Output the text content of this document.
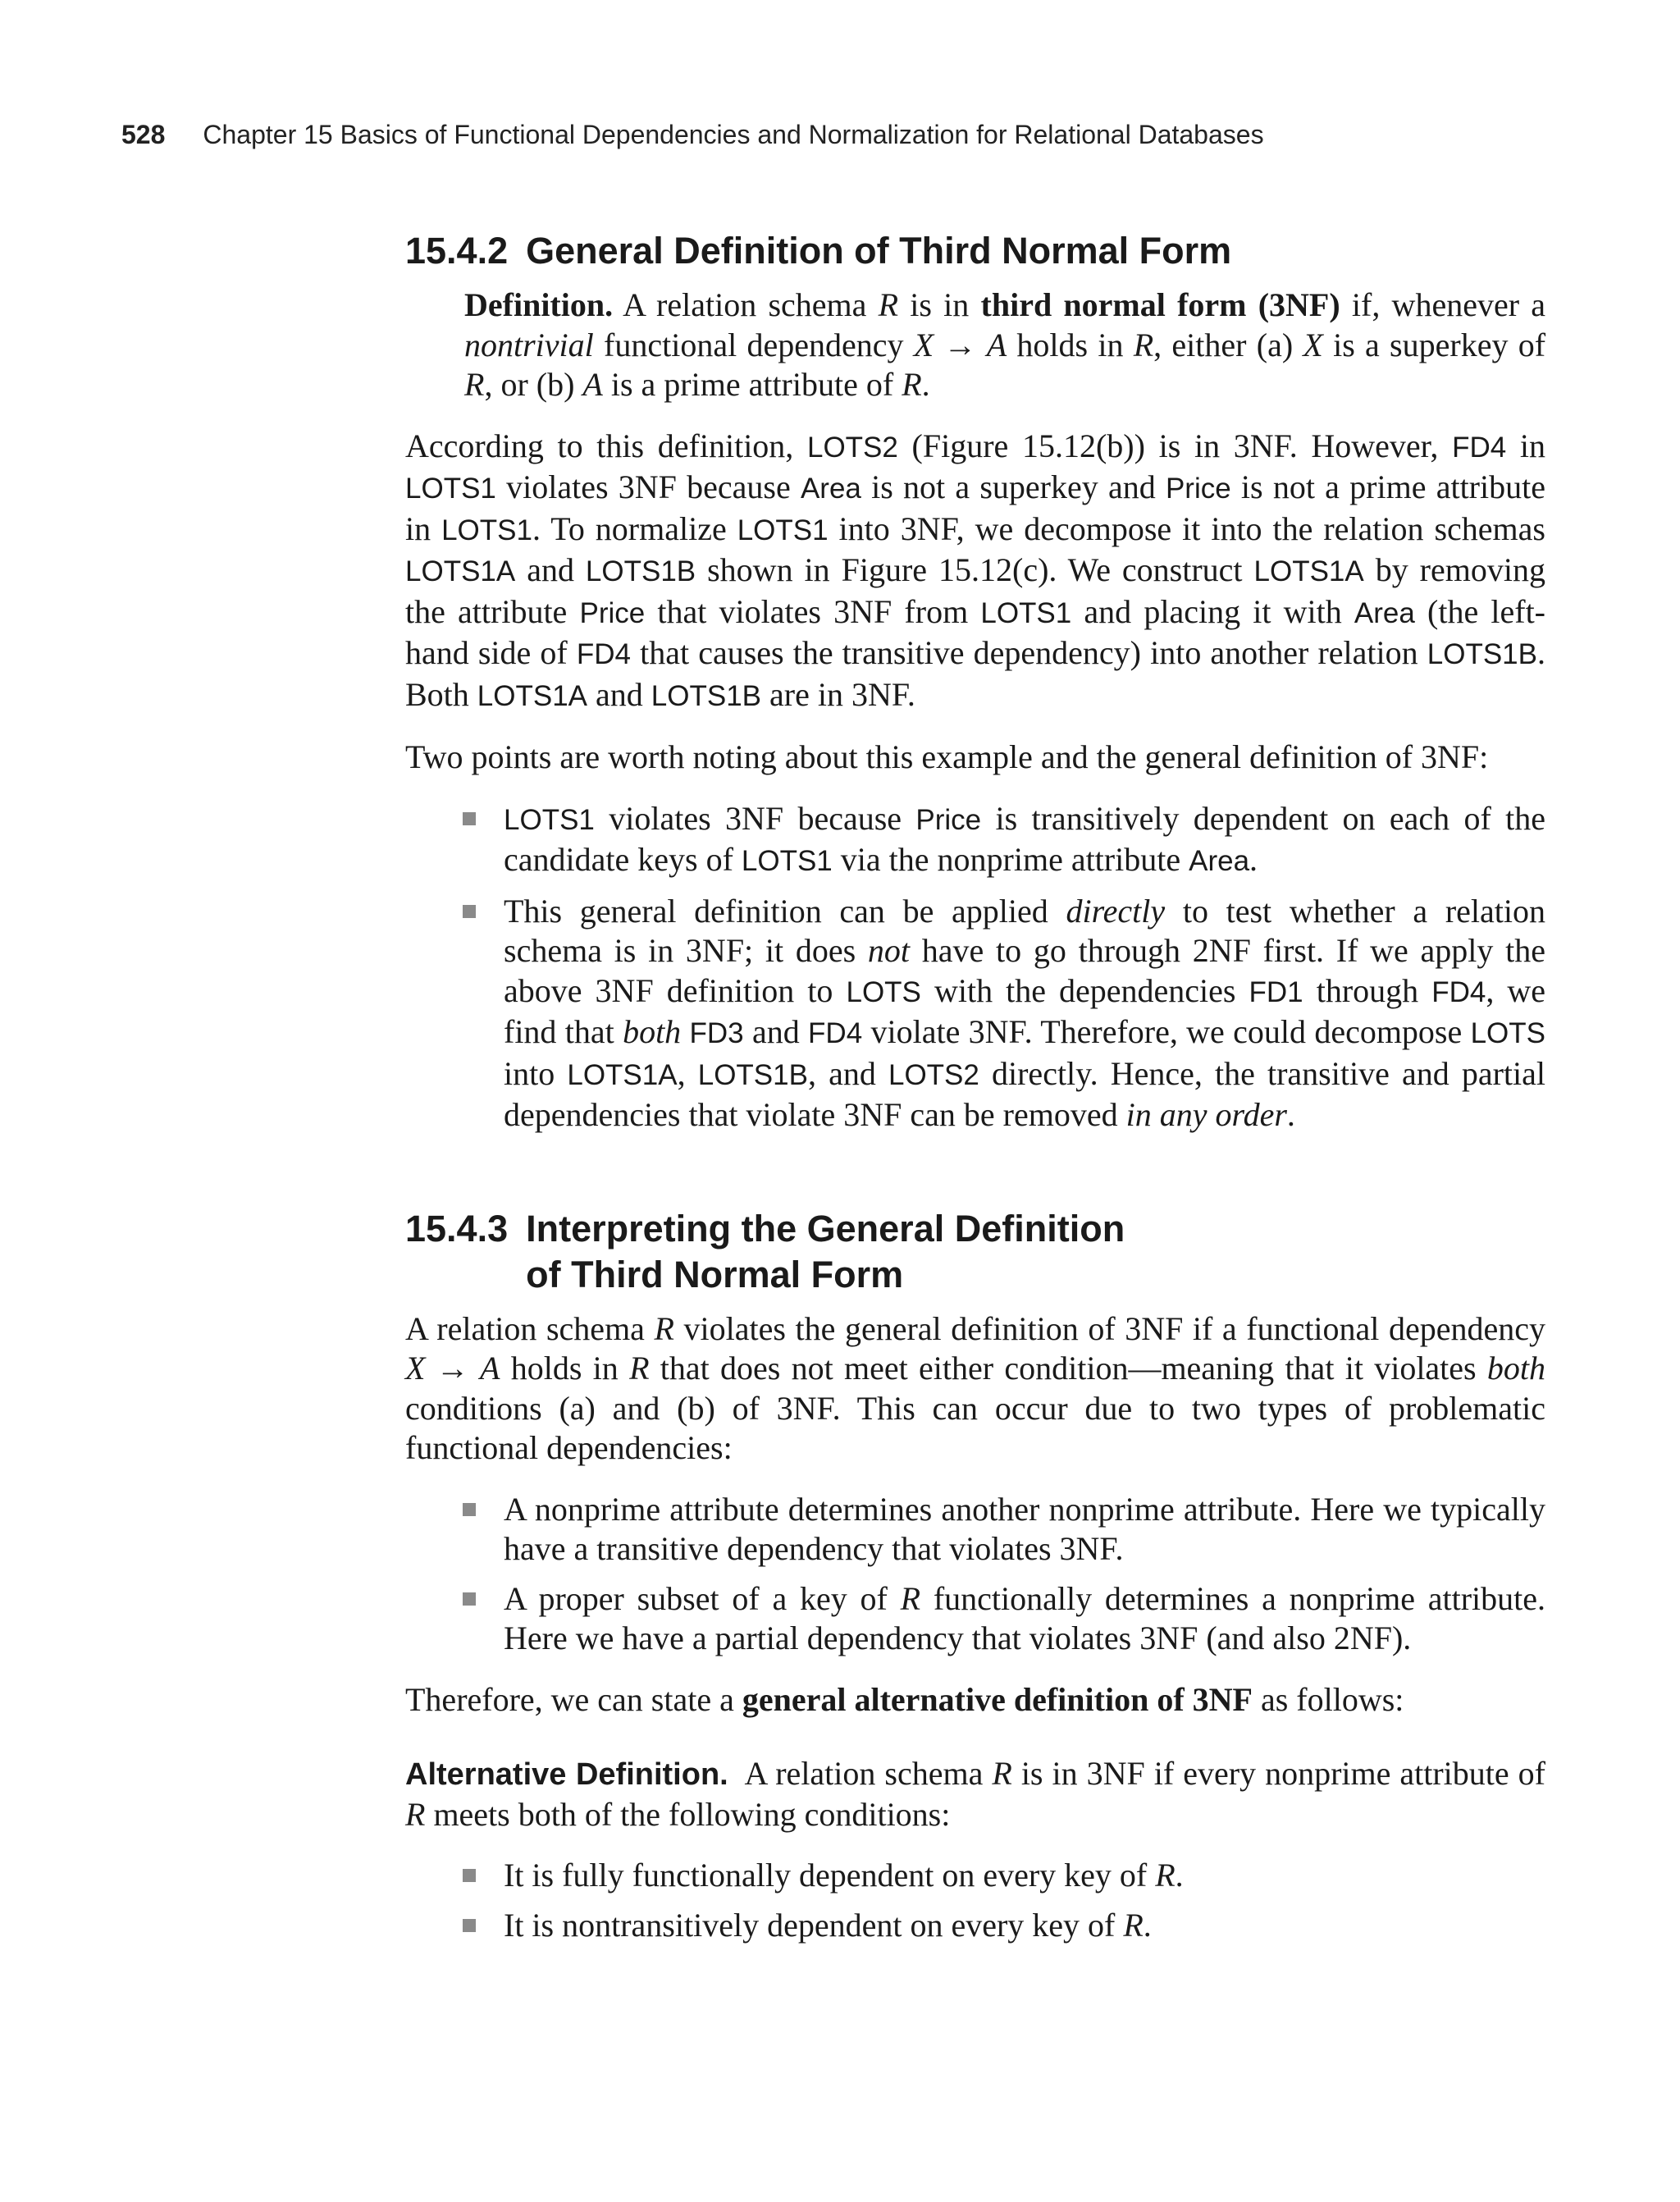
528 Chapter 15 Basics of Functional Dependencies and Normalization for Relational Databases
15.4.2 General Definition of Third Normal Form

Definition. A relation schema R is in third normal form (3NF) if, whenever a nontrivial functional dependency X → A holds in R, either (a) X is a superkey of R, or (b) A is a prime attribute of R.

According to this definition, LOTS2 (Figure 15.12(b)) is in 3NF. However, FD4 in LOTS1 violates 3NF because Area is not a superkey and Price is not a prime attribute in LOTS1. To normalize LOTS1 into 3NF, we decompose it into the relation schemas LOTS1A and LOTS1B shown in Figure 15.12(c). We construct LOTS1A by removing the attribute Price that violates 3NF from LOTS1 and placing it with Area (the left-hand side of FD4 that causes the transitive dependency) into another relation LOTS1B. Both LOTS1A and LOTS1B are in 3NF.

Two points are worth noting about this example and the general definition of 3NF:

LOTS1 violates 3NF because Price is transitively dependent on each of the candidate keys of LOTS1 via the nonprime attribute Area.
This general definition can be applied directly to test whether a relation schema is in 3NF; it does not have to go through 2NF first. If we apply the above 3NF definition to LOTS with the dependencies FD1 through FD4, we find that both FD3 and FD4 violate 3NF. Therefore, we could decompose LOTS into LOTS1A, LOTS1B, and LOTS2 directly. Hence, the transitive and partial dependencies that violate 3NF can be removed in any order.
15.4.3 Interpreting the General Definition
of Third Normal Form

A relation schema R violates the general definition of 3NF if a functional dependency X → A holds in R that does not meet either condition—meaning that it violates both conditions (a) and (b) of 3NF. This can occur due to two types of problematic functional dependencies:

A nonprime attribute determines another nonprime attribute. Here we typically have a transitive dependency that violates 3NF.
A proper subset of a key of R functionally determines a nonprime attribute. Here we have a partial dependency that violates 3NF (and also 2NF).

Therefore, we can state a general alternative definition of 3NF as follows:

Alternative Definition.  A relation schema R is in 3NF if every nonprime attribute of R meets both of the following conditions:

It is fully functionally dependent on every key of R.
It is nontransitively dependent on every key of R.
